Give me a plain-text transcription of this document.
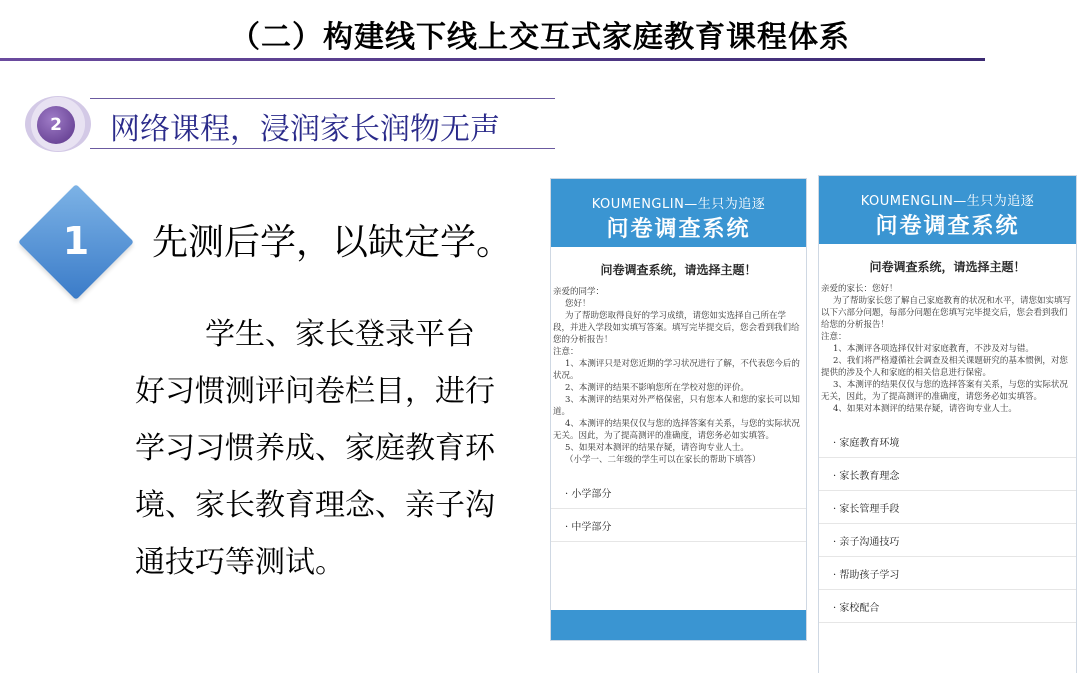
（二）构建线下线上交互式家庭教育课程体系
2	网络课程，浸润家长润物无声
1	先测后学，以缺定学。
学生、家长登录平台
好习惯测评问卷栏目，进行
学习习惯养成、家庭教育环
境、家长教育理念、亲子沟
通技巧等测试。
KOUMENGLIN—生只为追逐
问卷调查系统
问卷调查系统，请选择主题！
亲爱的同学：
您好！
为了帮助您取得良好的学习成绩，请您如实选择自己所在学段，并进入学段如实填写答案。填写完毕提交后，您会看到我们给您的分析报告！
注意：
1、本测评只是对您近期的学习状况进行了解，不代表您今后的状况。
2、本测评的结果不影响您所在学校对您的评价。
3、本测评的结果对外严格保密，只有您本人和您的家长可以知道。
4、本测评的结果仅仅与您的选择答案有关系，与您的实际状况无关。因此，为了提高测评的准确度，请您务必如实填答。
5、如果对本测评的结果存疑，请咨询专业人士。
（小学一、二年级的学生可以在家长的帮助下填答）
· 小学部分
· 中学部分
KOUMENGLIN—生只为追逐
问卷调查系统
问卷调查系统，请选择主题！
亲爱的家长：您好！
为了帮助家长您了解自己家庭教育的状况和水平，请您如实填写以下六部分问题，每部分问题在您填写完毕提交后，您会看到我们给您的分析报告！
注意：
1、本测评各项选择仅针对家庭教育，不涉及对与错。
2、我们将严格遵循社会调查及相关课题研究的基本惯例，对您提供的涉及个人和家庭的相关信息进行保密。
3、本测评的结果仅仅与您的选择答案有关系，与您的实际状况无关，因此，为了提高测评的准确度，请您务必如实填答。
4、如果对本测评的结果存疑，请咨询专业人士。
· 家庭教育环境
· 家长教育理念
· 家长管理手段
· 亲子沟通技巧
· 帮助孩子学习
· 家校配合
